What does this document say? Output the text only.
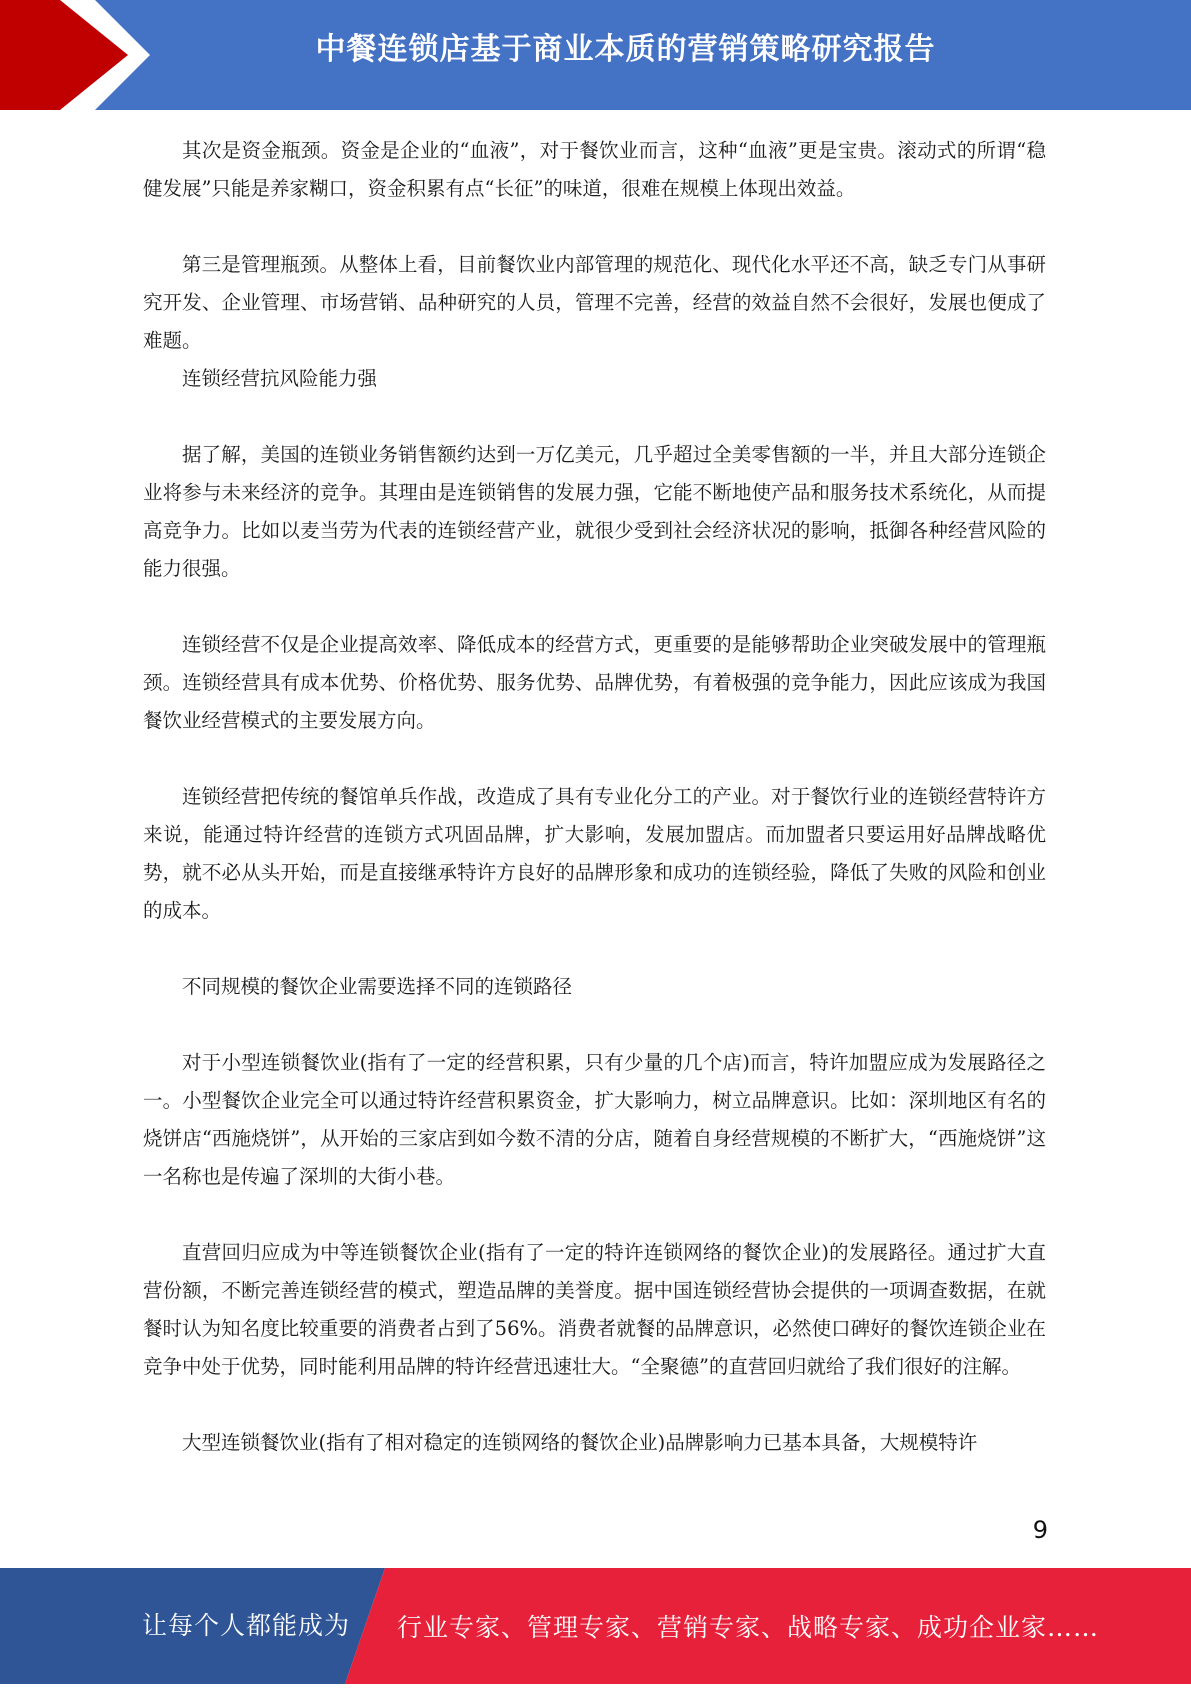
中餐连锁店基于商业本质的营销策略研究报告

其次是资金瓶颈。资金是企业的“血液”，对于餐饮业而言，这种“血液”更是宝贵。滚动式的所谓“稳健发展”只能是养家糊口，资金积累有点“长征”的味道，很难在规模上体现出效益。

第三是管理瓶颈。从整体上看，目前餐饮业内部管理的规范化、现代化水平还不高，缺乏专门从事研究开发、企业管理、市场营销、品种研究的人员，管理不完善，经营的效益自然不会很好，发展也便成了难题。

连锁经营抗风险能力强

据了解，美国的连锁业务销售额约达到一万亿美元，几乎超过全美零售额的一半，并且大部分连锁企业将参与未来经济的竞争。其理由是连锁销售的发展力强，它能不断地使产品和服务技术系统化，从而提高竞争力。比如以麦当劳为代表的连锁经营产业，就很少受到社会经济状况的影响，抵御各种经营风险的能力很强。

连锁经营不仅是企业提高效率、降低成本的经营方式，更重要的是能够帮助企业突破发展中的管理瓶颈。连锁经营具有成本优势、价格优势、服务优势、品牌优势，有着极强的竞争能力，因此应该成为我国餐饮业经营模式的主要发展方向。

连锁经营把传统的餐馆单兵作战，改造成了具有专业化分工的产业。对于餐饮行业的连锁经营特许方来说，能通过特许经营的连锁方式巩固品牌，扩大影响，发展加盟店。而加盟者只要运用好品牌战略优势，就不必从头开始，而是直接继承特许方良好的品牌形象和成功的连锁经验，降低了失败的风险和创业的成本。

不同规模的餐饮企业需要选择不同的连锁路径

对于小型连锁餐饮业(指有了一定的经营积累，只有少量的几个店)而言，特许加盟应成为发展路径之一。小型餐饮企业完全可以通过特许经营积累资金，扩大影响力，树立品牌意识。比如：深圳地区有名的烧饼店“西施烧饼”，从开始的三家店到如今数不清的分店，随着自身经营规模的不断扩大，“西施烧饼”这一名称也是传遍了深圳的大街小巷。

直营回归应成为中等连锁餐饮企业(指有了一定的特许连锁网络的餐饮企业)的发展路径。通过扩大直营份额，不断完善连锁经营的模式，塑造品牌的美誉度。据中国连锁经营协会提供的一项调查数据，在就餐时认为知名度比较重要的消费者占到了56%。消费者就餐的品牌意识，必然使口碑好的餐饮连锁企业在竞争中处于优势，同时能利用品牌的特许经营迅速壮大。“全聚德”的直营回归就给了我们很好的注解。

大型连锁餐饮业(指有了相对稳定的连锁网络的餐饮企业)品牌影响力已基本具备，大规模特许

9
让每个人都能成为 行业专家、管理专家、营销专家、战略专家、成功企业家……
